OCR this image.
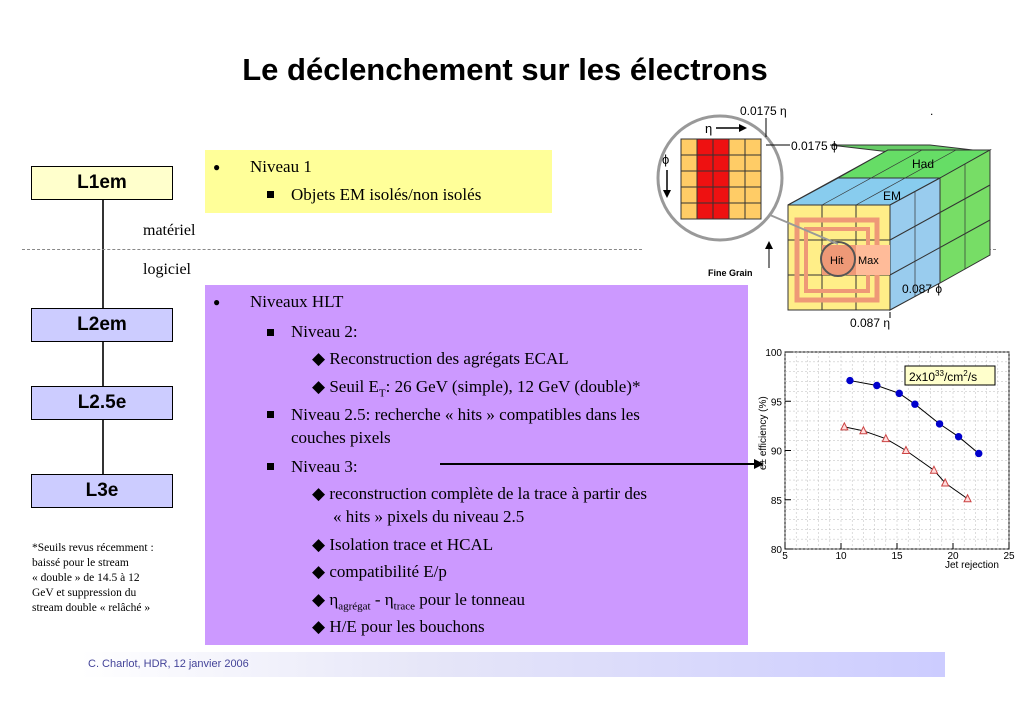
Le déclenchement sur les électrons
L1em
L2em
L2.5e
L3e
matériel
logiciel
● Niveau 1
Objets EM isolés/non isolés
● Niveaux HLT
Niveau 2:
◆ Reconstruction des agrégats ECAL
◆ Seuil $E_T$: 26 GeV (simple), 12 GeV (double)*
Niveau 2.5: recherche « hits » compatibles dans les
couches pixels
Niveau 3:
◆ reconstruction complète de la trace à partir des
« hits » pixels du niveau 2.5
◆ Isolation trace et HCAL
◆ compatibilité E/p
◆ $\eta_{agrégat} - \eta_{trace}$ pour le tonneau
◆ H/E pour les bouchons
*Seuils revus récemment :
baissé pour le stream
« double » de 14.5 à 12
GeV et suppression du
stream double « relâché »
C. Charlot, HDR, 12 janvier 2006
Had
EM
Hit Max
η
ϕ
0.0175 η
0.0175 ϕ
Fine Grain
0.087 ϕ
0.087 η
.
5	10	15	20	25
80
85
90
95
100
Jet rejection
e± efficiency (%)
$2x10^{33}/cm^2/s$
